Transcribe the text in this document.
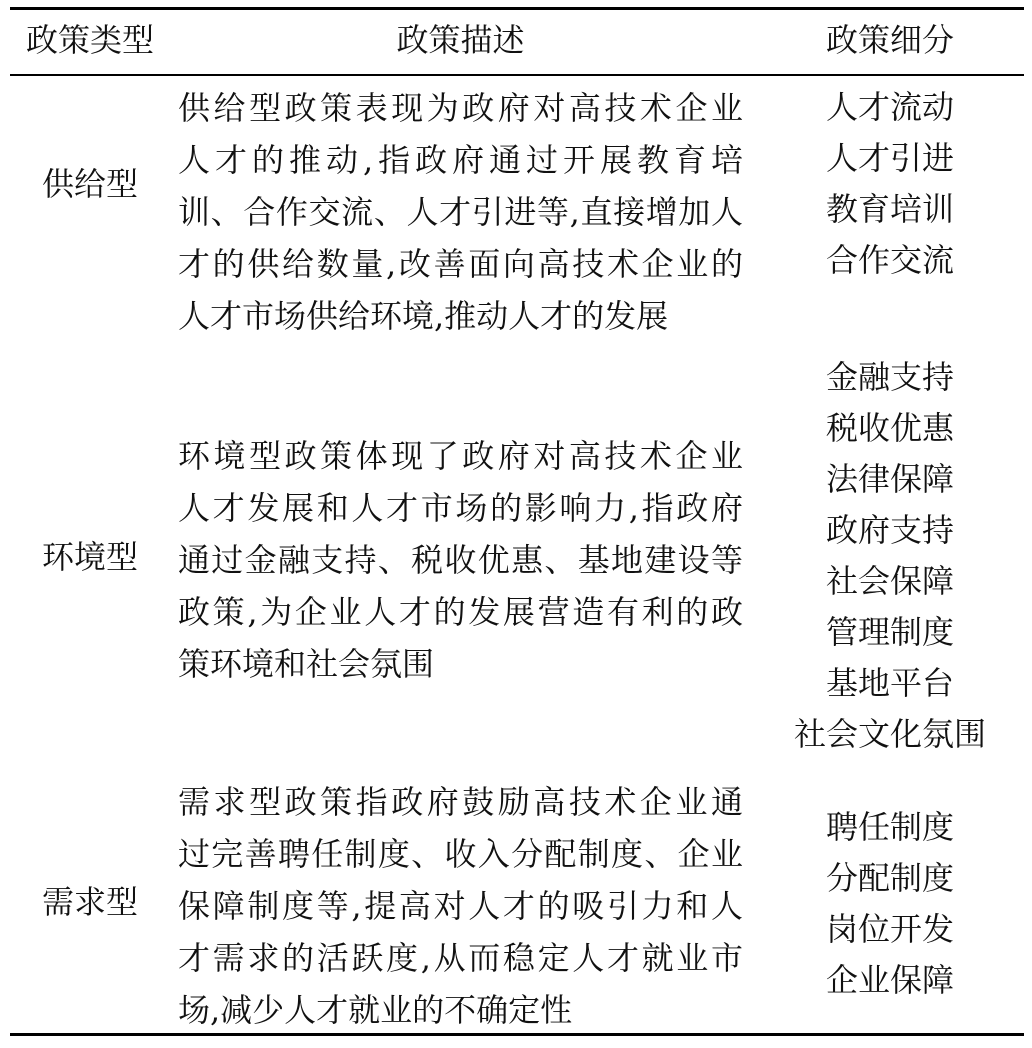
政策类型	政策描述	政策细分
供给型
供给型政策表现为政府对高技术企业
人才的推动,指政府通过开展教育培
训、合作交流、人才引进等,直接增加人
才的供给数量,改善面向高技术企业的
人才市场供给环境,推动人才的发展
人才流动
人才引进
教育培训
合作交流
环境型
环境型政策体现了政府对高技术企业
人才发展和人才市场的影响力,指政府
通过金融支持、税收优惠、基地建设等
政策,为企业人才的发展营造有利的政
策环境和社会氛围
金融支持
税收优惠
法律保障
政府支持
社会保障
管理制度
基地平台
社会文化氛围
需求型
需求型政策指政府鼓励高技术企业通
过完善聘任制度、收入分配制度、企业
保障制度等,提高对人才的吸引力和人
才需求的活跃度,从而稳定人才就业市
场,减少人才就业的不确定性
聘任制度
分配制度
岗位开发
企业保障
